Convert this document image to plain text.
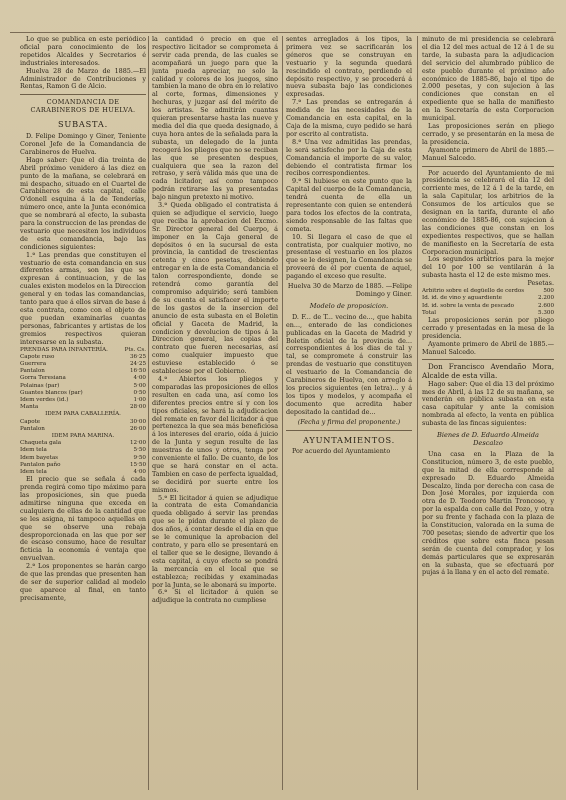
Lo que se publica en este periódico oficial para conocimiento de los repetidos Alcaldes y Secretarios é industriales interesados.

Huelva 28 de Marzo de 1885.—El Administrador de Contribuciones y Rentas, Ramon G de Alcio.

COMANDANCIA DE CARABINEROS DE HUELVA.
SUBASTA.

D. Felipe Domingo y Giner, Teniente Coronel Jefe de la Comandancia de Carabineros de Huelva.

Hago saber: Que el dia treinta de Abril próximo venidero á las diez en punto de la mañana, se celebrará en mi despacho, situado en el Cuartel de Carabineros de esta capital, calle O'donell esquina á la de Tenderías, número once, ante la Junta económica que se nombrará al efecto, la subasta para la construccion de las prendas de vestuario que necesiten los individuos de esta comandancia, bajo las condiciones siguientes:

1.ª Las prendas que constituyen el vestuario de esta comandancia en sus diferentes armas, son las que se expresan á continuacion, y de las cuales existen modelos en la Direccion general y en todas las comandancias, tanto para que á ellos sirvan de base á esta contrata, como con el objeto de que puedan examinarlas cuantas personas, fabricantes y artistas de los gremios respectivos quieran interesarse en la subasta.

PRENDAS PARA INFANTERÍA.	Pts. Cs.
Capote ruso	36·25
Guerrera	24·25
Pantalon	16·50
Gorra Teresiana	4·00
Polainas (par)	5·00
Guantes blancos (par)	0·50
Idem verdes (id.)	1·00
Manta	28·00
IDEM PARA CABALLERÍA.	
Capote	30·00
Pantalon	26·00
IDEM PARA MARINA.	
Chaqueta gala	12·00
Idem tela	5·50
Idem bayetas	9·50
Pantalon paño	15·50
Idem tela	4·00

El precio que se señala á cada prenda regirá como tipo máximo para las proposiciones, sin que pueda admitirse ninguna que exceda en cualquiera de ellas de la cantidad que se les asigna, ni tampoco aquellas en que se observe una rebaja desproporcionada en las que por ser de escaso consumo, hace de resultar ficticia la economía é ventaja que envuelvan.

2.ª Los proponentes se harán cargo de que las prendas que presenten han de ser de superior calidad al modelo que aparece al final, en tanto precisamente,

la cantidad ó precio en que el respectivo licitador se comprometa á servir cada prenda, de las cuales se acompañará un juego para que la junta pueda apreciar, no solo la calidad y colores de los juegos, sino tambien la mano de obra en lo relativo al corte, formas, dimensiones y hechuras, y juzgar así del mérito de los artistas. Se admitirán cuantas quieran presentarse hasta las nueve y media del dia que queda designado, á cuya hora antes de la señalada para la subasta, un delegado de la junta recogerá los pliegos que no se reciban las que se presenten despues, cualquiera que sea la razon del retraso, y será válida más que una de cada licitador, así como tampoco podrán retirarse las ya presentadas bajo ningun pretexto ni motivo.

3.ª Queda obligado el contratista á quien se adjudique el servicio, luego que reciba la aprobacion del Excmo. Sr. Director general del Cuerpo, á imponer en la Caja general de depósitos ó en la sucursal de esta provincia, la cantidad de trescientas cetenta y cinco pesetas, debiendo entregar en la de esta Comandancia el talon correspondiente, donde se retendrá como garantía del compromiso adquirido; será tambien de su cuenta el satisfacer el importe de los gastos de la insercion del anuncio de esta subasta en el Boletin oficial y Gaceta de Madrid, la condicion y devolucion de tipos á la Direccion general, las copias del contrato que fueren necesarias, así como cualquier impuesto que estuviese establecido ó se estableciese por el Gobierno.

4.ª Abiertos los pliegos y comparadas las proposiciones de ellos resulten en cada una, así como los diferentes precios entre sí y con los tipos oficiales, se hará la adjudicacion del remate en favor del licitador á que pertenezca la que sea más beneficiosa á los intereses del erario, oída á juicio de la Junta y segun resulte de las muestras de unos y otros, tenga por conveniente el fallo. De cuanto, de los que se hará constar en el acta. Tambien en caso de perfecta igualdad, se decidirá por suerte entre los mismos.

5.ª El licitador á quien se adjudique la contrata de esta Comandancia queda obligado á servir las prendas que se le pidan durante el plazo de dos años, á contar desde el dia en que se le comunique la aprobacion del contrato, y para ello se presentará en el taller que se le designe, llevando á esta capital, á cuyo efecto se pondrá la mercancía en el local que se establezca; recibidas y examinadas por la Junta, se le abonará su importe.

6.ª Si el licitador á quien se adjudique la contrata no cumpliese

sentes arreglados á los tipos, la primera vez se sacrificarán los géneros que se construyan en vestuario y la segunda quedará rescindido el contrato, perdiendo el depósito respectivo, y se procederá á nueva subasta bajo las condiciones expresadas.

7.ª Las prendas se entregarán á medida de las necesidades de la Comandancia en esta capital, en la Caja de la misma, cuyo pedido se hará por escrito al contratista.

8.ª Una vez admitidas las prendas, le será satisfecho por la Caja de esta Comandancia el importe de su valor, debiendo el contratista firmar los recibos correspondientes.

9.ª Si hubiese en este punto que la Capital del cuerpo de la Comandancia, tendrá cuenta de ella un representante con quien se entenderá para todos los efectos de la contrata, siendo responsable de las faltas que cometa.

10. Si llegara el caso de que el contratista, por cualquier motivo, no presentase el vestuario en los plazos que se le designen, la Comandancia se proveerá de él por cuenta de aquel, pagando el exceso que resulte.

Huelva 30 de Marzo de 1885. —Felipe Domingo y Giner.

Modelo de proposicion.

D. F... de T... vecino de..., que habita en..., enterado de las condiciones publicadas en la Gaceta de Madrid y Boletin oficial de la provincia de... correspondientes á los dias de tal y tal, se compromete á construir las prendas de vestuario que constituyen el vestuario de la Comandancia de Carabineros de Huelva, con arreglo á los precios siguientes (en letra)... y á los tipos y modelos, y acompaña el documento que acredita haber depositado la cantidad de...

(Fecha y firma del proponente.)

AYUNTAMIENTOS.

Por acuerdo del Ayuntamiento

minuto de mi presidencia se celebrará el dia 12 del mes actual de 12 á 1 de su tarde, la subasta para la adjudicacion del servicio del alumbrado público de este pueblo durante el próximo año económico de 1885-86, bajo el tipo de 2.000 pesetas, y con sujecion á las condiciones que constan en el expediente que se halla de manifiesto en la Secretaría de esta Corporacion municipal.

Las proposiciones serán en pliego cerrado, y se presentarán en la mesa de la presidencia.

Ayamonte primero de Abril de 1885.—Manuel Salcedo.

Por acuerdo del Ayuntamiento de mi presidencia se celebrará el dia 12 del corriente mes, de 12 á 1 de la tarde, en la sala Capitular, los arbitrios de la Consumos de los artículos que se designan en la tarifa, durante el año económico de 1885-86, con sujecion á las condiciones que constan en los expedientes respectivos, que se hallan de manifiesto en la Secretaría de esta Corporacion municipal.

Los segundos arbitrios para la mejor del 10 por 100 se ventilarán á la subasta hasta el 12 de este mismo mes.

Pesetas.

Arbitrio sobre el degüello de cerdos	500
Id. id. de vino y aguardiente	2.200
Id. id. sobre la venta de pescado	2.600
Total	5.300

Las proposiciones serán por pliego cerrado y presentadas en la mesa de la presidencia.

Ayamonte primero de Abril de 1885.—Manuel Salcedo.

Don Francisco Avendaño Mora, Alcalde de esta villa.

Hago saber: Que el dia 13 del próximo mes de Abril, á las 12 de su mañana, se venderán en pública subasta en esta casa capitular y ante la comision nombrada al efecto, la venta en pública subasta de las fincas siguientes:

Bienes de D. Eduardo Almeida Descalzo

Una casa en la Plaza de la Constitucion, número 3, de este pueblo, que la mitad de ella corresponde al expresado D. Eduardo Almeida Descalzo, linda por derecha con casa de Don José Morales, por izquierda con otra de D. Teodoro Martin Troncoso, y por la espalda con calle del Pozo, y otra por su frente y fachada con la plaza de la Constitucion, valorada en la suma de 700 pesetas; siendo de advertir que los créditos que sobre esta finca pesan serán de cuenta del comprador, y los demás particulares que se expresarán en la subasta, que se efectuará por pujas á la llana y en el acto del remate.
